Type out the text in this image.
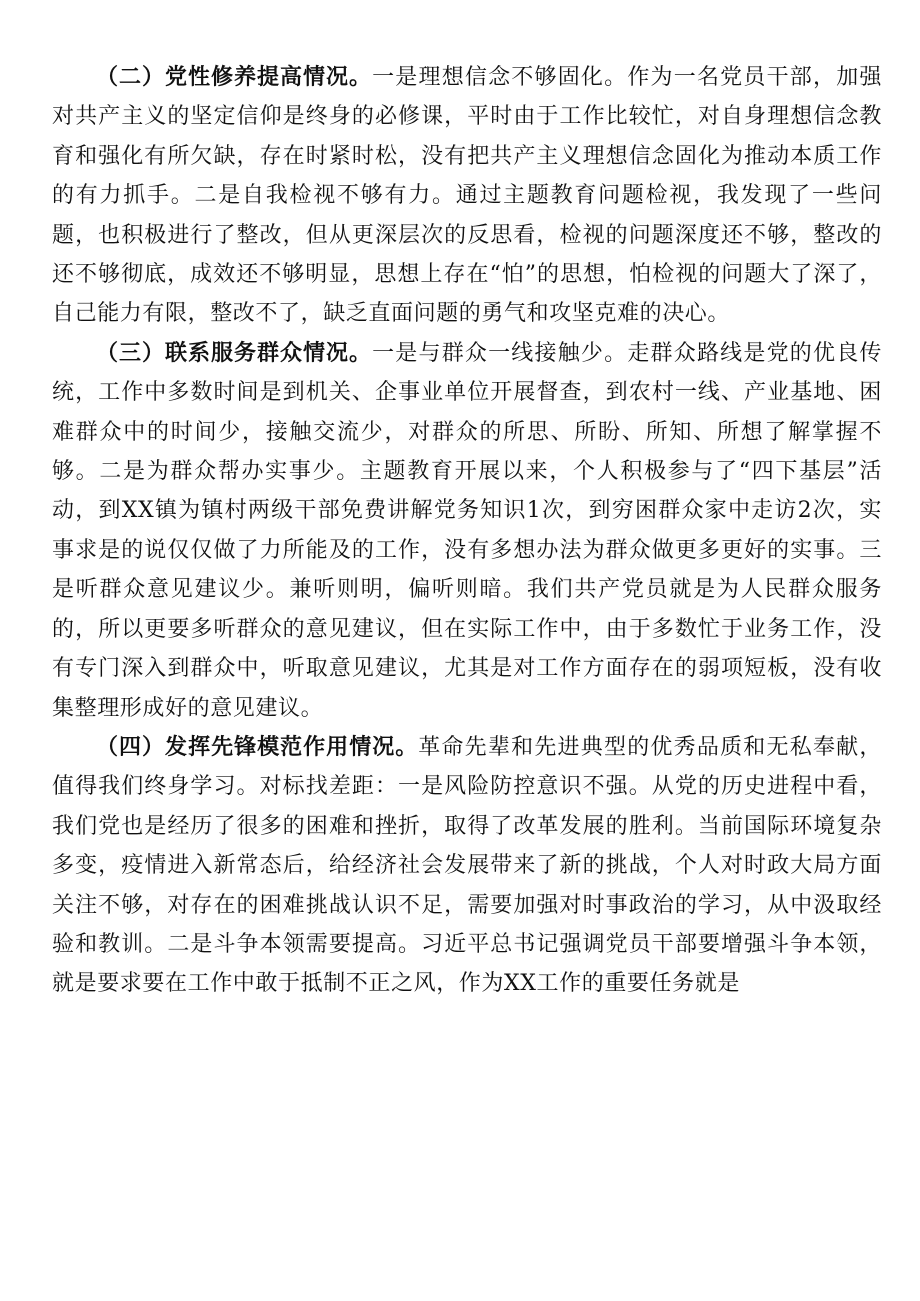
（二）党性修养提高情况。一是理想信念不够固化。作为一名党员干部，加强对共产主义的坚定信仰是终身的必修课，平时由于工作比较忙，对自身理想信念教育和强化有所欠缺，存在时紧时松，没有把共产主义理想信念固化为推动本质工作的有力抓手。二是自我检视不够有力。通过主题教育问题检视，我发现了一些问题，也积极进行了整改，但从更深层次的反思看，检视的问题深度还不够，整改的还不够彻底，成效还不够明显，思想上存在“怕”的思想，怕检视的问题大了深了，自己能力有限，整改不了，缺乏直面问题的勇气和攻坚克难的决心。

（三）联系服务群众情况。一是与群众一线接触少。走群众路线是党的优良传统，工作中多数时间是到机关、企事业单位开展督查，到农村一线、产业基地、困难群众中的时间少，接触交流少，对群众的所思、所盼、所知、所想了解掌握不够。二是为群众帮办实事少。主题教育开展以来，个人积极参与了“四下基层”活动，到XX镇为镇村两级干部免费讲解党务知识1次，到穷困群众家中走访2次，实事求是的说仅仅做了力所能及的工作，没有多想办法为群众做更多更好的实事。三是听群众意见建议少。兼听则明，偏听则暗。我们共产党员就是为人民群众服务的，所以更要多听群众的意见建议，但在实际工作中，由于多数忙于业务工作，没有专门深入到群众中，听取意见建议，尤其是对工作方面存在的弱项短板，没有收集整理形成好的意见建议。

（四）发挥先锋模范作用情况。革命先辈和先进典型的优秀品质和无私奉献，值得我们终身学习。对标找差距：一是风险防控意识不强。从党的历史进程中看，我们党也是经历了很多的困难和挫折，取得了改革发展的胜利。当前国际环境复杂多变，疫情进入新常态后，给经济社会发展带来了新的挑战，个人对时政大局方面关注不够，对存在的困难挑战认识不足，需要加强对时事政治的学习，从中汲取经验和教训。二是斗争本领需要提高。习近平总书记强调党员干部要增强斗争本领，就是要求要在工作中敢于抵制不正之风，作为XX工作的重要任务就是
